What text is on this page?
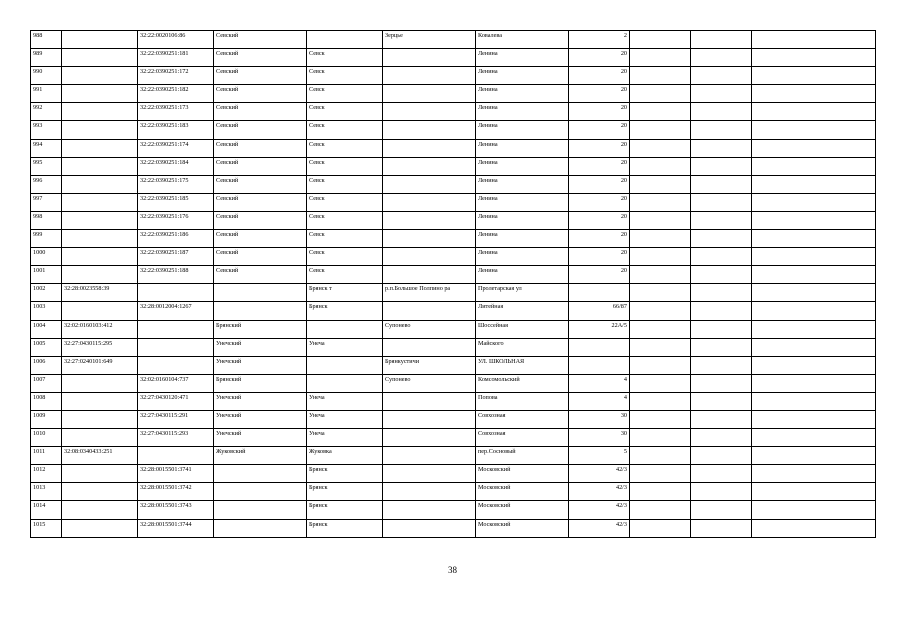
988		32:22:0020106:86	Севский		Зерцье	Ковалева	2			
989		32:22:0390251:181	Севский	Севск		Ленина	20			
990		32:22:0390251:172	Севский	Севск		Ленина	20			
991		32:22:0390251:182	Севский	Севск		Ленина	20			
992		32:22:0390251:173	Севский	Севск		Ленина	20			
993		32:22:0390251:183	Севский	Севск		Ленина	20			
994		32:22:0390251:174	Севский	Севск		Ленина	20			
995		32:22:0390251:184	Севский	Севск		Ленина	20			
996		32:22:0390251:175	Севский	Севск		Ленина	20			
997		32:22:0390251:185	Севский	Севск		Ленина	20			
998		32:22:0390251:176	Севский	Севск		Ленина	20			
999		32:22:0390251:186	Севский	Севск		Ленина	20			
1000		32:22:0390251:187	Севский	Севск		Ленина	20			
1001		32:22:0390251:188	Севский	Севск		Ленина	20			
1002	32:28:0023558:39			Брянск т	р.п.Большое Полпино ра	Пролетарская ул				
1003		32:28:0012004:1267		Брянск		Литейная	66/87			
1004	32:02:0160103:412		Брянский		Супонево	Шоссейная	22А/5			
1005	32:27:0430115:295		Унечский	Унеча		Майского				
1006	32:27:0240101:649		Унечский		Брянкустичи	УЛ. ШКОЛЬНАЯ				
1007		32:02:0160104:737	Брянский		Супонево	Комсомольский	4			
1008		32:27:0430120:471	Унечский	Унеча		Попова	4			
1009		32:27:0430115:291	Унечский	Унеча		Совхозная	30			
1010		32:27:0430115:293	Унечский	Унеча		Совхозная	30			
1011	32:08:0340433:251		Жуковский	Жуковка		пер.Сосновый	5			
1012		32:28:0015501:3741		Брянск		Московский	42/3			
1013		32:28:0015501:3742		Брянск		Московский	42/3			
1014		32:28:0015501:3743		Брянск		Московский	42/3			
1015		32:28:0015501:3744		Брянск		Московский	42/3			
38
